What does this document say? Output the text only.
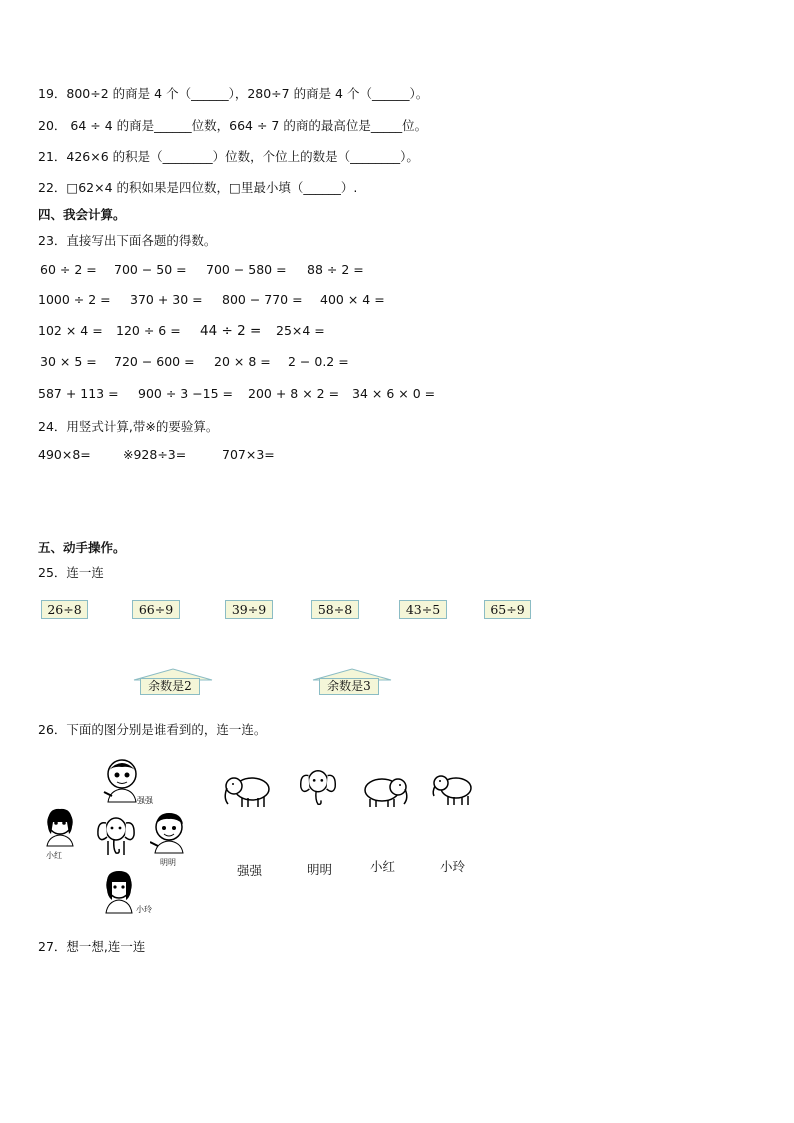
19．800÷2 的商是 4 个（______），280÷7 的商是 4 个（______）。
20． 64 ÷ 4 的商是______位数，664 ÷ 7 的商的最高位是_____位。
21．426×6 的积是（________）位数，个位上的数是（________）。
22．□62×4 的积如果是四位数，□里最小填（______）.
四、我会计算。
23．直接写出下面各题的得数。
60 ÷ 2 = 700 − 50 = 700 − 580 = 88 ÷ 2 =
1000 ÷ 2 = 370 + 30 = 800 − 770 = 400 × 4 =
102 × 4 = 120 ÷ 6 = 44 ÷ 2 = 25×4 =
30 × 5 = 720 − 600 = 20 × 8 = 2 − 0.2 =
587 + 113 = 900 ÷ 3 −15 = 200 + 8 × 2 = 34 × 6 × 0 =
24．用竖式计算,带※的要验算。
490×8=	※928÷3=	707×3=
五、动手操作。
25．连一连
26÷8	66÷9	39÷9	58÷8	43÷5	65÷9
余数是2	余数是3
26．下面的图分别是谁看到的，连一连。
强强
小红
明明
小玲
强强	明明	小红	小玲
27．想一想,连一连
